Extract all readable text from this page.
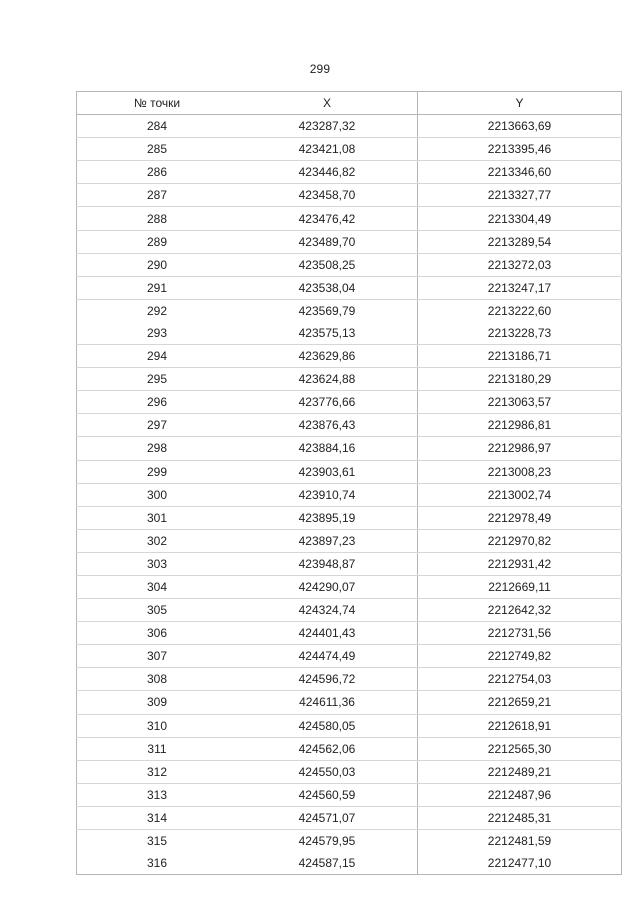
299
№ точки	X	Y
284	423287,32	2213663,69
285	423421,08	2213395,46
286	423446,82	2213346,60
287	423458,70	2213327,77
288	423476,42	2213304,49
289	423489,70	2213289,54
290	423508,25	2213272,03
291	423538,04	2213247,17
292	423569,79	2213222,60
293	423575,13	2213228,73
294	423629,86	2213186,71
295	423624,88	2213180,29
296	423776,66	2213063,57
297	423876,43	2212986,81
298	423884,16	2212986,97
299	423903,61	2213008,23
300	423910,74	2213002,74
301	423895,19	2212978,49
302	423897,23	2212970,82
303	423948,87	2212931,42
304	424290,07	2212669,11
305	424324,74	2212642,32
306	424401,43	2212731,56
307	424474,49	2212749,82
308	424596,72	2212754,03
309	424611,36	2212659,21
310	424580,05	2212618,91
311	424562,06	2212565,30
312	424550,03	2212489,21
313	424560,59	2212487,96
314	424571,07	2212485,31
315	424579,95	2212481,59
316	424587,15	2212477,10
